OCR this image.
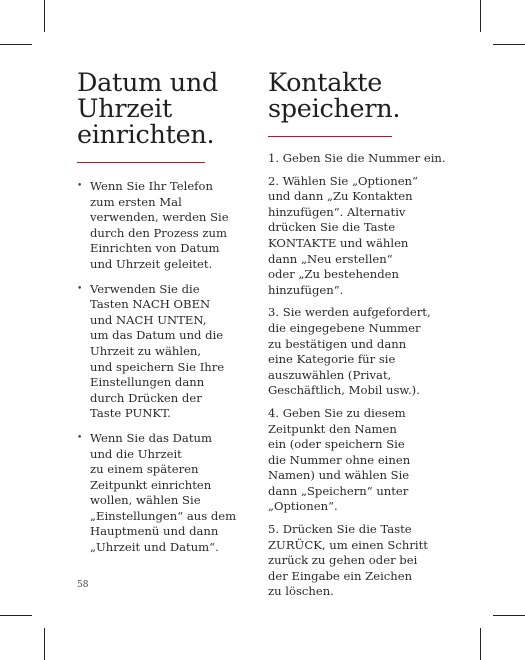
Datum und
Uhrzeit
einrichten.
• Wenn Sie Ihr Telefon
zum ersten Mal
verwenden, werden Sie
durch den Prozess zum
Einrichten von Datum
und Uhrzeit geleitet.
• Verwenden Sie die
Tasten NACH OBEN
und NACH UNTEN,
um das Datum und die
Uhrzeit zu wählen,
und speichern Sie Ihre
Einstellungen dann
durch Drücken der
Taste PUNKT.
• Wenn Sie das Datum
und die Uhrzeit
zu einem späteren
Zeitpunkt einrichten
wollen, wählen Sie
„Einstellungen“ aus dem
Hauptmenü und dann
„Uhrzeit und Datum“.
Kontakte
speichern.
1. Geben Sie die Nummer ein.
2. Wählen Sie „Optionen“
und dann „Zu Kontakten
hinzufügen“. Alternativ
drücken Sie die Taste
KONTAKTE und wählen
dann „Neu erstellen“
oder „Zu bestehenden
hinzufügen“.
3. Sie werden aufgefordert,
die eingegebene Nummer
zu bestätigen und dann
eine Kategorie für sie
auszuwählen (Privat,
Geschäftlich, Mobil usw.).
4. Geben Sie zu diesem
Zeitpunkt den Namen
ein (oder speichern Sie
die Nummer ohne einen
Namen) und wählen Sie
dann „Speichern“ unter
„Optionen“.
5. Drücken Sie die Taste
ZURÜCK, um einen Schritt
zurück zu gehen oder bei
der Eingabe ein Zeichen
zu löschen.
58
